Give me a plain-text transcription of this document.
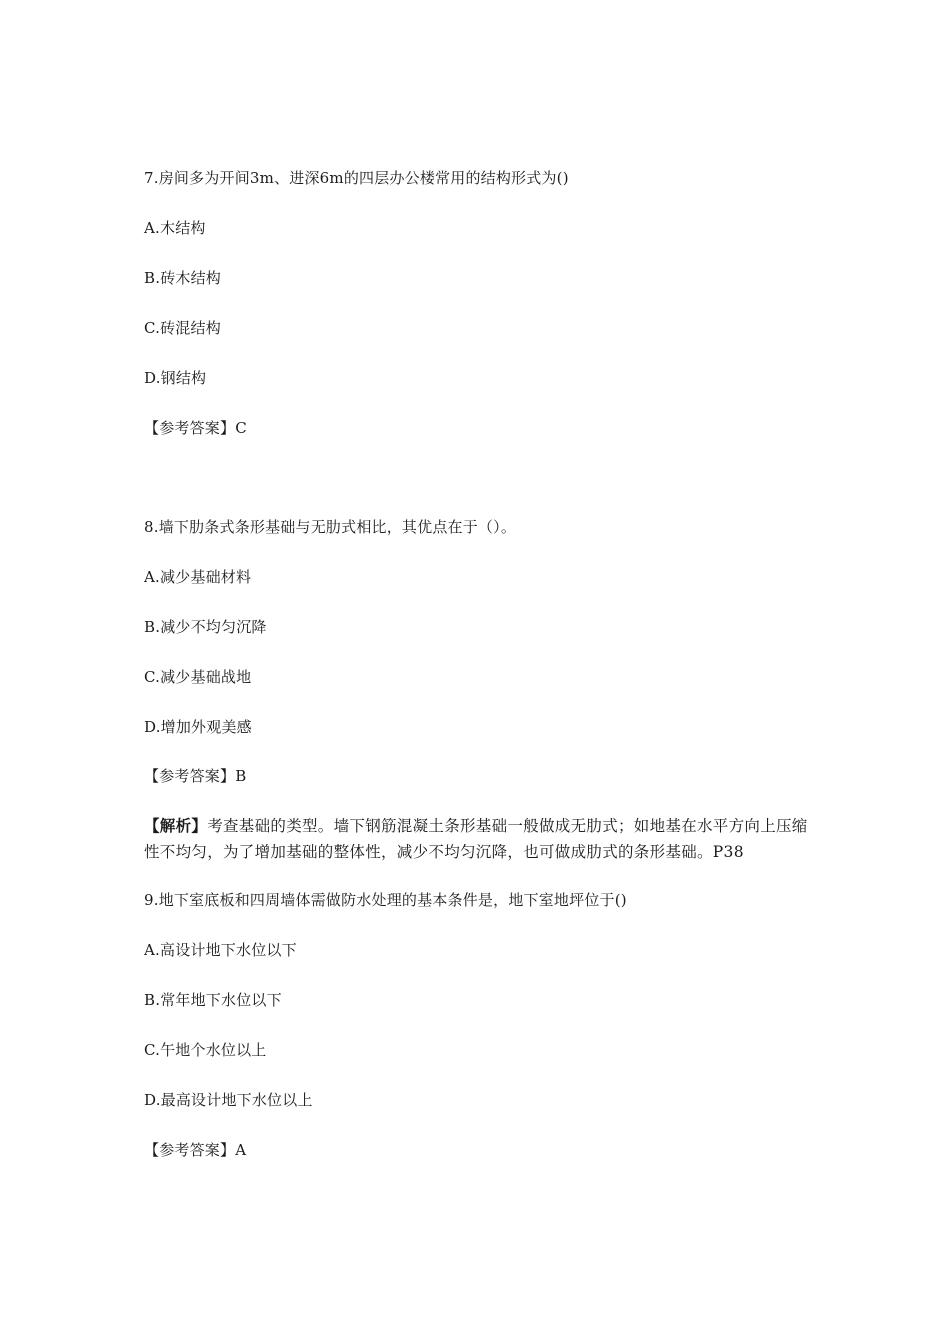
7.房间多为开间3m、进深6m的四层办公楼常用的结构形式为()
A.木结构
B.砖木结构
C.砖混结构
D.钢结构
【参考答案】C
8.墙下肋条式条形基础与无肋式相比，其优点在于（）。
A.减少基础材料
B.减少不均匀沉降
C.减少基础战地
D.增加外观美感
【参考答案】B
【解析】考查基础的类型。墙下钢筋混凝土条形基础一般做成无肋式；如地基在水平方向上压缩性不均匀，为了增加基础的整体性，减少不均匀沉降，也可做成肋式的条形基础。P38
9.地下室底板和四周墙体需做防水处理的基本条件是，地下室地坪位于()
A.高设计地下水位以下
B.常年地下水位以下
C.午地个水位以上
D.最高设计地下水位以上
【参考答案】A
